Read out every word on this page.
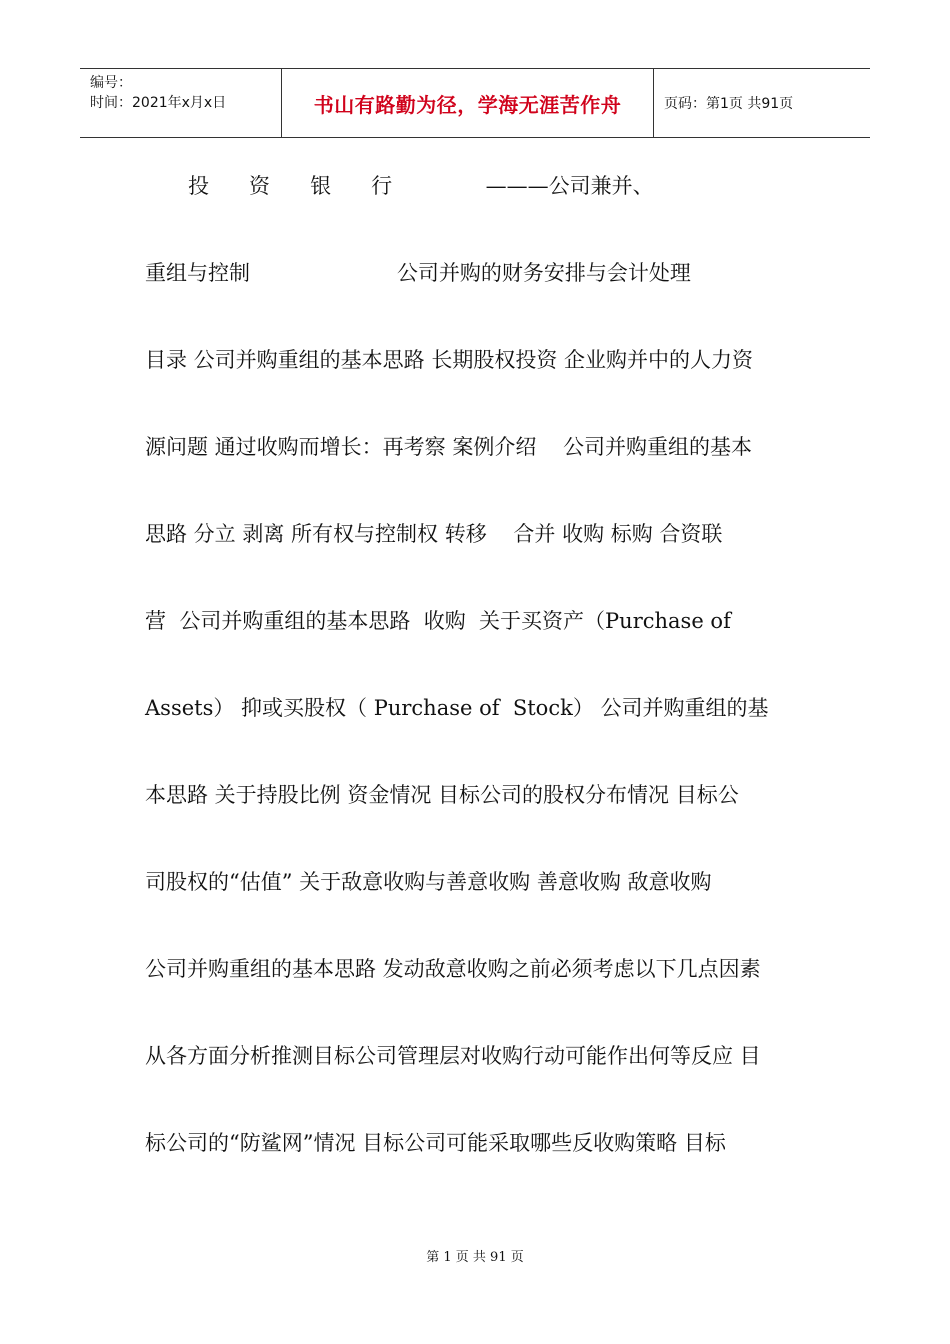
编号：
时间：2021年x月x日	书山有路勤为径，学海无涯苦作舟	页码：第1页 共91页
投      资      银      行              ———公司兼并、
重组与控制                      公司并购的财务安排与会计处理
目录 公司并购重组的基本思路 长期股权投资 企业购并中的人力资
源问题 通过收购而增长：再考察 案例介绍    公司并购重组的基本
思路 分立 剥离 所有权与控制权 转移    合并 收购 标购 合资联
营  公司并购重组的基本思路  收购  关于买资产（Purchase of
Assets） 抑或买股权（ Purchase of  Stock） 公司并购重组的基
本思路 关于持股比例 资金情况 目标公司的股权分布情况 目标公
司股权的“估值” 关于敌意收购与善意收购 善意收购 敌意收购
公司并购重组的基本思路 发动敌意收购之前必须考虑以下几点因素
从各方面分析推测目标公司管理层对收购行动可能作出何等反应 目
标公司的“防鲨网”情况 目标公司可能采取哪些反收购策略 目标
第 1 页 共 91 页
